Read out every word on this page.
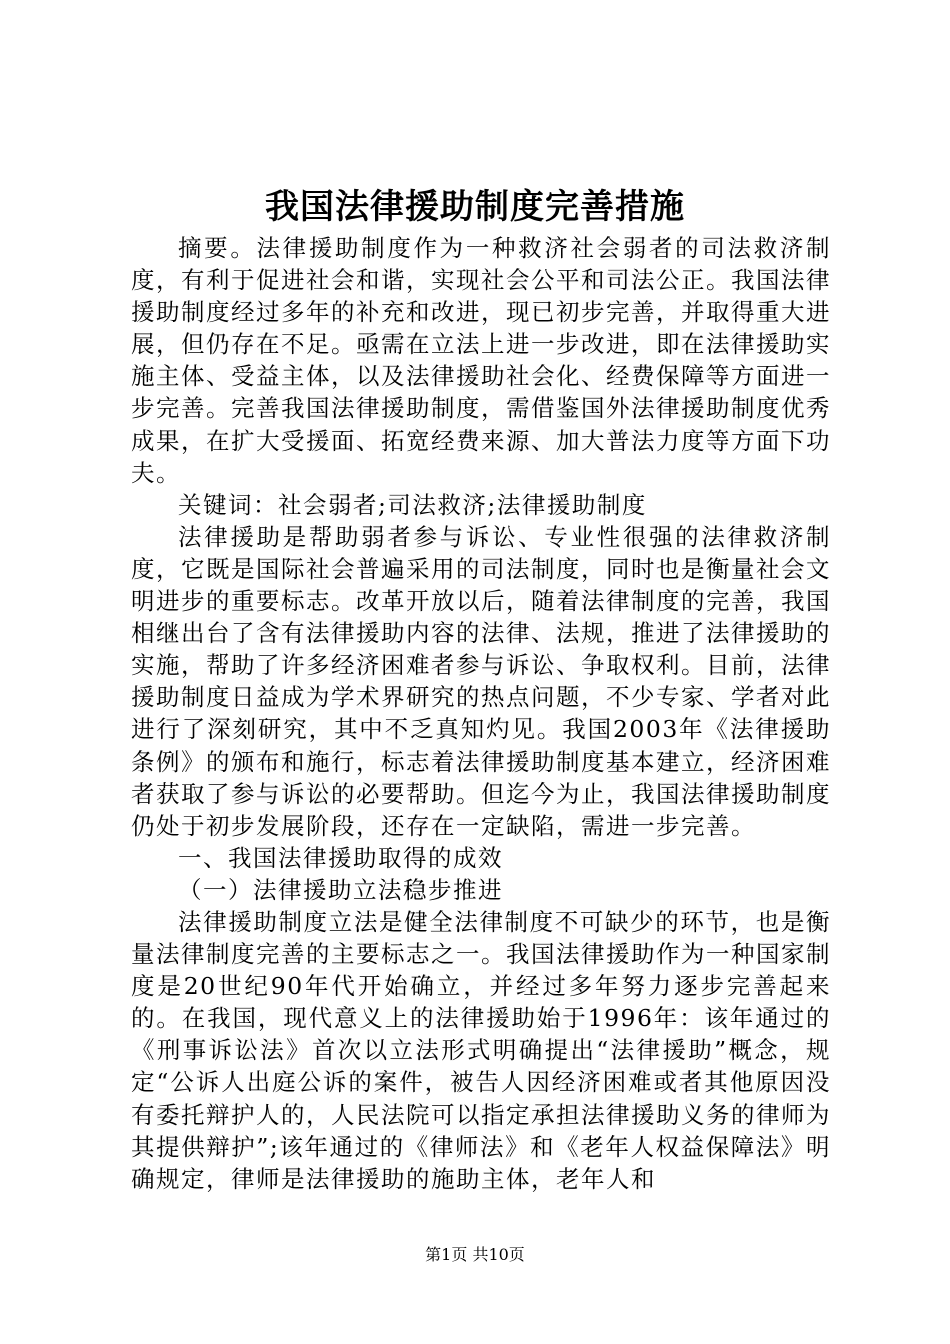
我国法律援助制度完善措施

摘要。法律援助制度作为一种救济社会弱者的司法救济制度，有利于促进社会和谐，实现社会公平和司法公正。我国法律援助制度经过多年的补充和改进，现已初步完善，并取得重大进展，但仍存在不足。亟需在立法上进一步改进，即在法律援助实施主体、受益主体，以及法律援助社会化、经费保障等方面进一步完善。完善我国法律援助制度，需借鉴国外法律援助制度优秀成果，在扩大受援面、拓宽经费来源、加大普法力度等方面下功夫。

关键词：社会弱者;司法救济;法律援助制度

法律援助是帮助弱者参与诉讼、专业性很强的法律救济制度，它既是国际社会普遍采用的司法制度，同时也是衡量社会文明进步的重要标志。改革开放以后，随着法律制度的完善，我国相继出台了含有法律援助内容的法律、法规，推进了法律援助的实施，帮助了许多经济困难者参与诉讼、争取权利。目前，法律援助制度日益成为学术界研究的热点问题，不少专家、学者对此进行了深刻研究，其中不乏真知灼见。我国2003年《法律援助条例》的颁布和施行，标志着法律援助制度基本建立，经济困难者获取了参与诉讼的必要帮助。但迄今为止，我国法律援助制度仍处于初步发展阶段，还存在一定缺陷，需进一步完善。

一、我国法律援助取得的成效

（一）法律援助立法稳步推进

法律援助制度立法是健全法律制度不可缺少的环节，也是衡量法律制度完善的主要标志之一。我国法律援助作为一种国家制度是20世纪90年代开始确立，并经过多年努力逐步完善起来的。在我国，现代意义上的法律援助始于1996年：该年通过的《刑事诉讼法》首次以立法形式明确提出“法律援助”概念，规定“公诉人出庭公诉的案件，被告人因经济困难或者其他原因没有委托辩护人的，人民法院可以指定承担法律援助义务的律师为其提供辩护”;该年通过的《律师法》和《老年人权益保障法》明确规定，律师是法律援助的施助主体，老年人和

第1页 共10页
